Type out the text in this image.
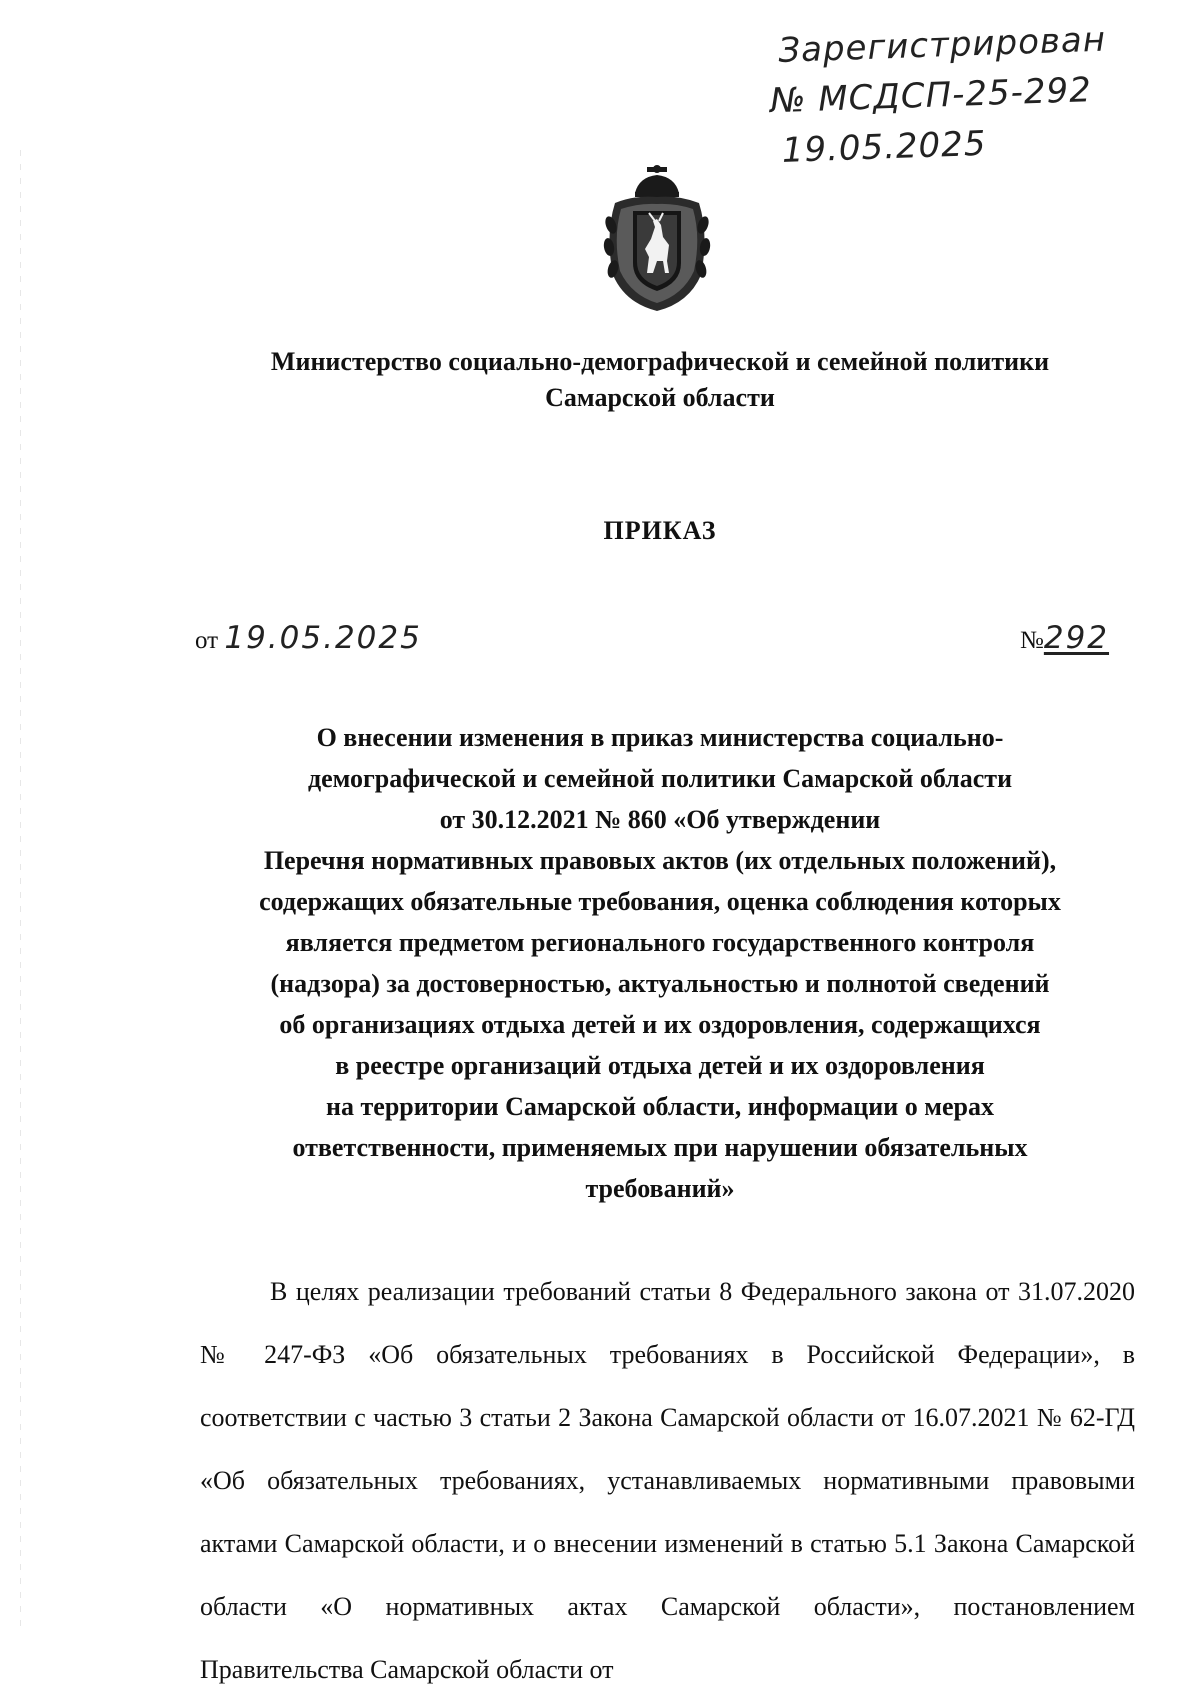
Зарегистрирован
№ МСДСП-25-292
19.05.2025
Министерство социально-демографической и семейной политики
Самарской области
ПРИКАЗ
от 19.05.2025	№292
О внесении изменения в приказ министерства социально-
демографической и семейной политики Самарской области
от 30.12.2021 № 860 «Об утверждении
Перечня нормативных правовых актов (их отдельных положений),
содержащих обязательные требования, оценка соблюдения которых
является предметом регионального государственного контроля
(надзора) за достоверностью, актуальностью и полнотой сведений
об организациях отдыха детей и их оздоровления, содержащихся
в реестре организаций отдыха детей и их оздоровления
на территории Самарской области, информации о мерах
ответственности, применяемых при нарушении обязательных
требований»

В целях реализации требований статьи 8 Федерального закона от 31.07.2020 № 247-ФЗ «Об обязательных требованиях в Российской Федерации», в соответствии с частью 3 статьи 2 Закона Самарской области от 16.07.2021 № 62-ГД «Об обязательных требованиях, устанавливаемых нормативными правовыми актами Самарской области, и о внесении изменений в статью 5.1 Закона Самарской области «О нормативных актах Самарской области», постановлением Правительства Самарской области от
